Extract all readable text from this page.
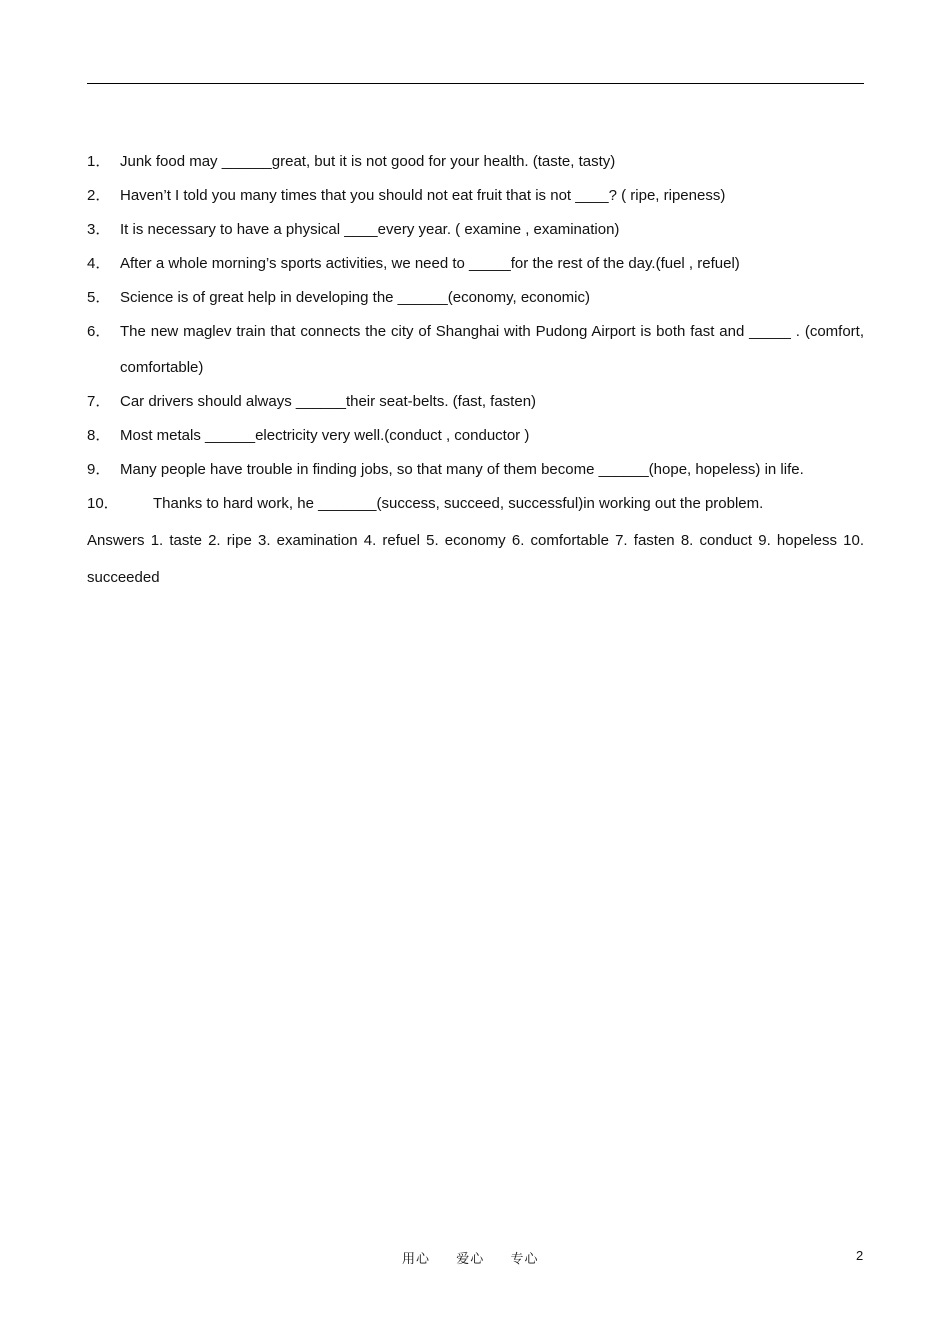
1． Junk food may ______great, but it is not good for your health. (taste, tasty)
2． Haven’t I told you many times that you should not eat fruit that is not ____? ( ripe, ripeness)
3． It is necessary to have a physical ____every year. ( examine , examination)
4． After a whole morning’s sports activities, we need to _____for the rest of the day.(fuel , refuel)
5． Science is of great help in developing the ______(economy, economic)
6． The new maglev train that connects the city of Shanghai with Pudong Airport is both fast and _____ . (comfort, comfortable)
7． Car drivers should always ______their seat-belts. (fast, fasten)
8． Most metals ______electricity very well.(conduct , conductor )
9． Many people have trouble in finding jobs, so that many of them become ______(hope, hopeless) in life.
10．	Thanks to hard work, he _______(success, succeed, successful)in working out the problem.
Answers 1. taste 2. ripe 3. examination 4. refuel 5. economy 6. comfortable 7. fasten 8. conduct 9. hopeless 10. succeeded
用心  爱心  专心	2
